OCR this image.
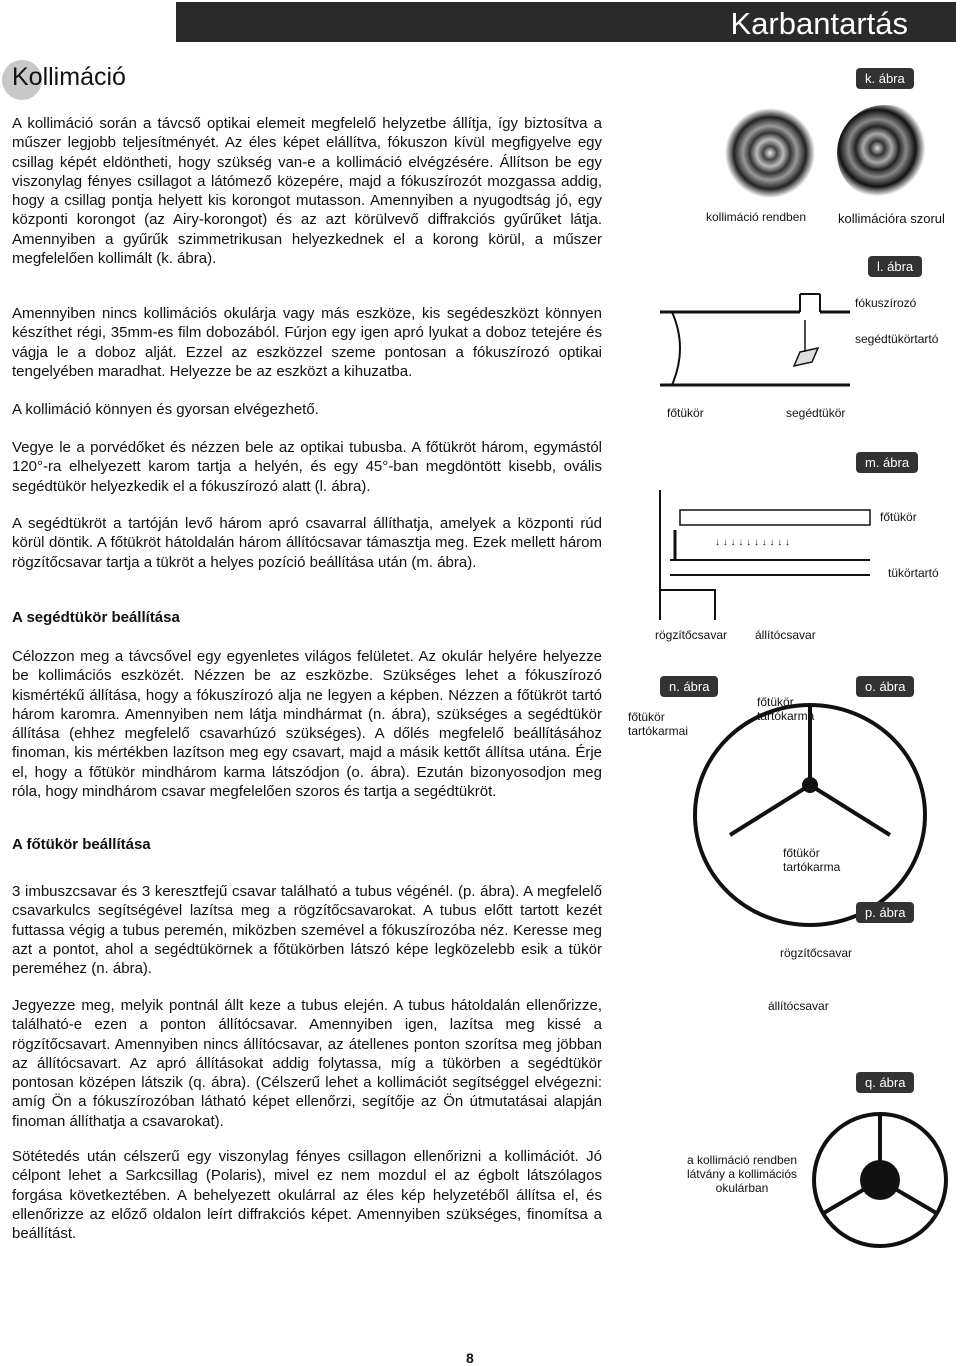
Karbantartás
Kollimáció

A kollimáció során a távcső optikai elemeit megfelelő helyzetbe állítja, így biztosítva a műszer legjobb teljesítményét. Az éles képet elállítva, fókuszon kívül megfigyelve egy csillag képét eldöntheti, hogy szükség van-e a kollimáció elvégzésére. Állítson be egy viszonylag fényes csillagot a látómező közepére, majd a fókuszírozót mozgassa addig, hogy a csillag pontja helyett kis korongot mutasson. Amennyiben a nyugodtság jó, egy központi korongot (az Airy-korongot) és az azt körülvevő diffrakciós gyűrűket látja. Amennyiben a gyűrűk szimmetrikusan helyezkednek el a korong körül, a műszer megfelelően kollimált (k. ábra).

Amennyiben nincs kollimációs okulárja vagy más eszköze, kis segédeszközt könnyen készíthet régi, 35mm-es film dobozából. Fúrjon egy igen apró lyukat a doboz tetejére és vágja le a doboz alját. Ezzel az eszközzel szeme pontosan a fókuszírozó optikai tengelyében maradhat. Helyezze be az eszközt a kihuzatba.

A kollimáció könnyen és gyorsan elvégezhető.

Vegye le a porvédőket és nézzen bele az optikai tubusba. A főtükröt három, egymástól 120°-ra elhelyezett karom tartja a helyén, és egy 45°-ban megdöntött kisebb, ovális segédtükör helyezkedik el a fókuszírozó alatt (l. ábra).

A segédtükröt a tartóján levő három apró csavarral állíthatja, amelyek a központi rúd körül döntik. A főtükröt hátoldalán három állítócsavar támasztja meg. Ezek mellett három rögzítőcsavar tartja a tükröt a helyes pozíció beállítása után (m. ábra).

A segédtükör beállítása

Célozzon meg a távcsővel egy egyenletes világos felületet. Az okulár helyére helyezze be kollimációs eszközét. Nézzen be az eszközbe. Szükséges lehet a fókuszírozó kismértékű állítása, hogy a fókuszírozó alja ne legyen a képben. Nézzen a főtükröt tartó három karomra. Amennyiben nem látja mindhármat (n. ábra), szükséges a segédtükör állítása (ehhez megfelelő csavarhúzó szükséges). A dőlés megfelelő beállításához finoman, kis mértékben lazítson meg egy csavart, majd a másik kettőt állítsa utána. Érje el, hogy a főtükör mindhárom karma látszódjon (o. ábra). Ezután bizonyosodjon meg róla, hogy mindhárom csavar megfelelően szoros és tartja a segédtükröt.

A főtükör beállítása

3 imbuszcsavar és 3 keresztfejű csavar található a tubus végénél. (p. ábra). A megfelelő csavarkulcs segítségével lazítsa meg a rögzítőcsavarokat. A tubus előtt tartott kezét futtassa végig a tubus peremén, miközben szemével a fókuszírozóba néz. Keresse meg azt a pontot, ahol a segédtükörnek a főtükörben látszó képe legközelebb esik a tükör pereméhez (n. ábra).

Jegyezze meg, melyik pontnál állt keze a tubus elején. A tubus hátoldalán ellenőrizze, található-e ezen a ponton állítócsavar. Amennyiben igen, lazítsa meg kissé a rögzítőcsavart. Amennyiben nincs állítócsavar, az átellenes ponton szorítsa meg jöbban az állítócsavart. Az apró állításokat addig folytassa, míg a tükörben a segédtükör pontosan középen látszik (q. ábra). (Célszerű lehet a kollimációt segítséggel elvégezni: amíg Ön a fókuszírozóban látható képet ellenőrzi, segítője az Ön útmutatásai alapján finoman állíthatja a csavarokat).

Sötétedés után célszerű egy viszonylag fényes csillagon ellenőrizni a kollimációt. Jó célpont lehet a Sarkcsillag (Polaris), mivel ez nem mozdul el az égbolt látszólagos forgása következtében. A behelyezett okulárral az éles kép helyzetéből állítsa el, és ellenőrizze az előző oldalon leírt diffrakciós képet. Amennyiben szükséges, finomítsa a beállítást.

k. ábra
kollimáció rendben kollimációra szorul
l. ábra
fókuszírozó
segédtükörtartó
főtükör	segédtükör
m. ábra
↓ ↓ ↓ ↓ ↓ ↓ ↓ ↓ ↓ ↓
főtükör
tükörtartó
rögzítőcsavar állítócsavar
n. ábra	o. ábra
főtükör
tartókarmai
főtükör
tartókarma
főtükör
tartókarma
p. ábra
rögzítőcsavar
állítócsavar
q. ábra
a kollimáció rendben
látvány a kollimációs
okulárban
8
